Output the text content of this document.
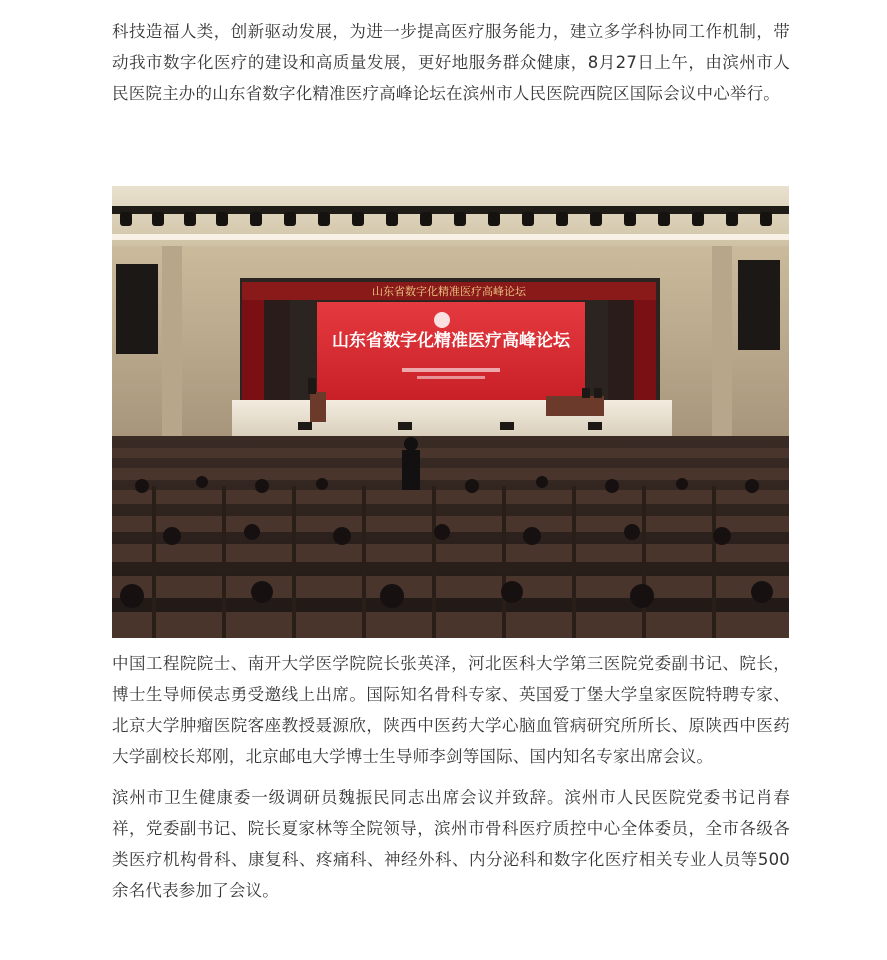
科技造福人类，创新驱动发展，为进一步提高医疗服务能力，建立多学科协同工作机制，带动我市数字化医疗的建设和高质量发展，更好地服务群众健康，8月27日上午，由滨州市人民医院主办的山东省数字化精准医疗高峰论坛在滨州市人民医院西院区国际会议中心举行。

山东省数字化精准医疗高峰论坛
山东省数字化精准医疗高峰论坛

中国工程院院士、南开大学医学院院长张英泽，河北医科大学第三医院党委副书记、院长，博士生导师侯志勇受邀线上出席。国际知名骨科专家、英国爱丁堡大学皇家医院特聘专家、北京大学肿瘤医院客座教授聂源欣，陕西中医药大学心脑血管病研究所所长、原陕西中医药大学副校长郑刚，北京邮电大学博士生导师李剑等国际、国内知名专家出席会议。

滨州市卫生健康委一级调研员魏振民同志出席会议并致辞。滨州市人民医院党委书记肖春祥，党委副书记、院长夏家林等全院领导，滨州市骨科医疗质控中心全体委员，全市各级各类医疗机构骨科、康复科、疼痛科、神经外科、内分泌科和数字化医疗相关专业人员等500余名代表参加了会议。
